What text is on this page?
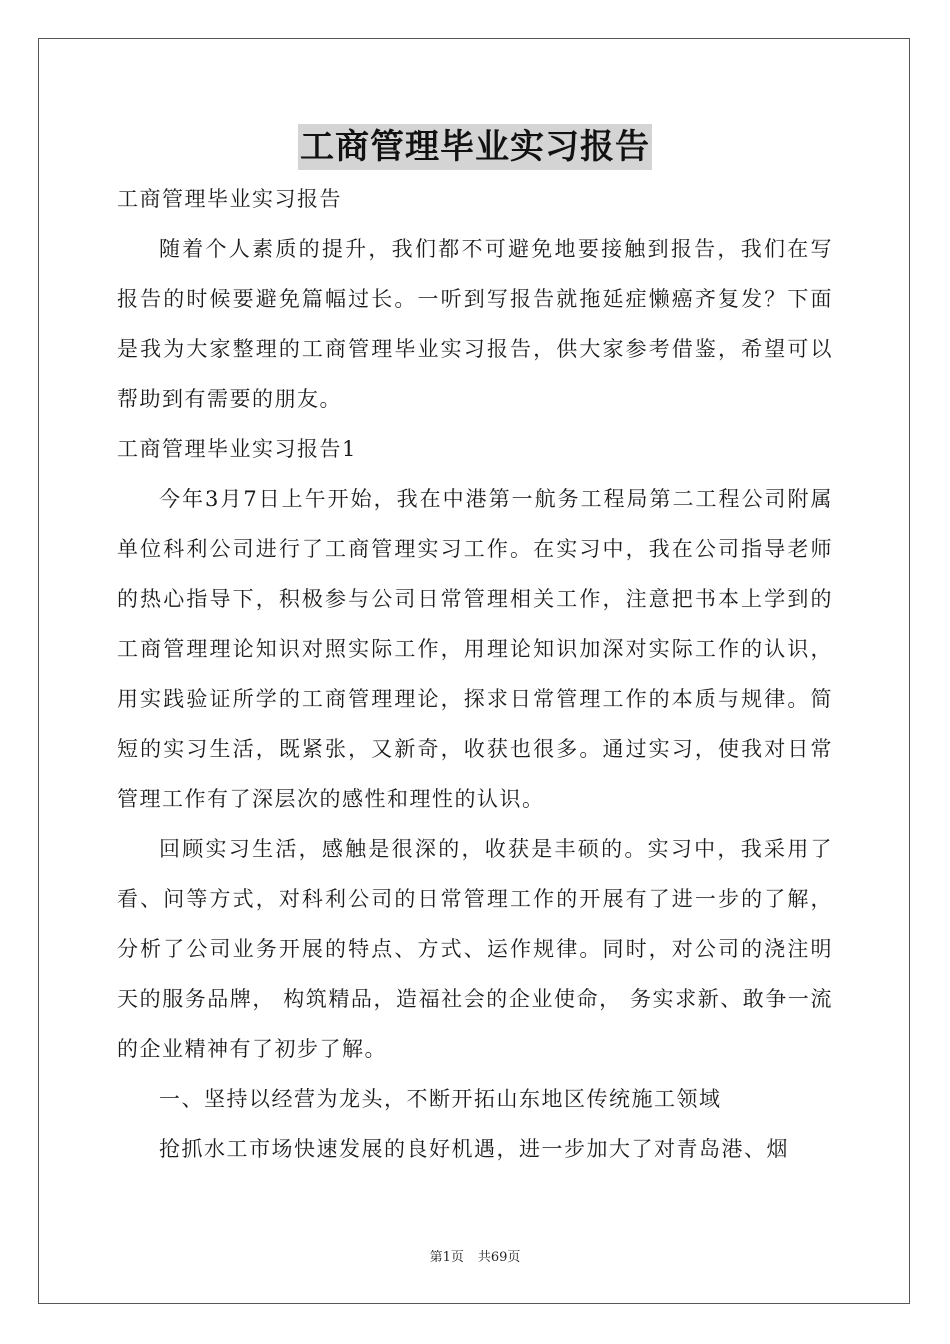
工商管理毕业实习报告

工商管理毕业实习报告

随着个人素质的提升，我们都不可避免地要接触到报告，我们在写报告的时候要避免篇幅过长。一听到写报告就拖延症懒癌齐复发？下面是我为大家整理的工商管理毕业实习报告，供大家参考借鉴，希望可以帮助到有需要的朋友。

工商管理毕业实习报告1

今年3月7日上午开始，我在中港第一航务工程局第二工程公司附属单位科利公司进行了工商管理实习工作。在实习中，我在公司指导老师的热心指导下，积极参与公司日常管理相关工作，注意把书本上学到的工商管理理论知识对照实际工作，用理论知识加深对实际工作的认识，用实践验证所学的工商管理理论，探求日常管理工作的本质与规律。简短的实习生活，既紧张，又新奇，收获也很多。通过实习，使我对日常管理工作有了深层次的感性和理性的认识。

回顾实习生活，感触是很深的，收获是丰硕的。实习中，我采用了看、问等方式，对科利公司的日常管理工作的开展有了进一步的了解，分析了公司业务开展的特点、方式、运作规律。同时，对公司的浇注明天的服务品牌， 构筑精品，造福社会的企业使命， 务实求新、敢争一流的企业精神有了初步了解。

一、坚持以经营为龙头，不断开拓山东地区传统施工领域

抢抓水工市场快速发展的良好机遇，进一步加大了对青岛港、烟

第1页 共69页
